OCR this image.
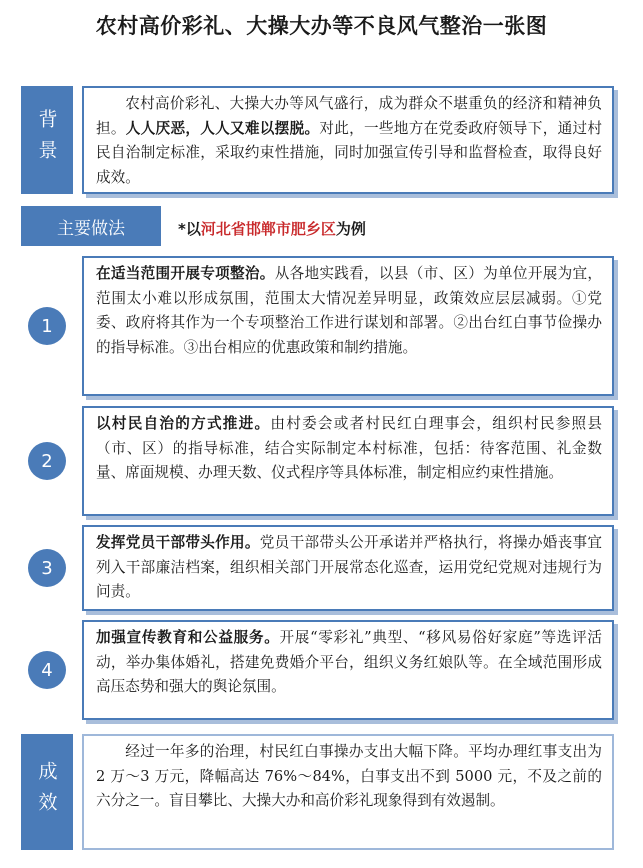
农村高价彩礼、大操大办等不良风气整治一张图
背景
农村高价彩礼、大操大办等风气盛行，成为群众不堪重负的经济和精神负担。人人厌恶，人人又难以摆脱。对此，一些地方在党委政府领导下，通过村民自治制定标准，采取约束性措施，同时加强宣传引导和监督检查，取得良好成效。
主要做法	*以河北省邯郸市肥乡区为例
1
在适当范围开展专项整治。从各地实践看，以县（市、区）为单位开展为宜，范围太小难以形成氛围，范围太大情况差异明显，政策效应层层减弱。①党委、政府将其作为一个专项整治工作进行谋划和部署。②出台红白事节俭操办的指导标准。③出台相应的优惠政策和制约措施。
2
以村民自治的方式推进。由村委会或者村民红白理事会，组织村民参照县（市、区）的指导标准，结合实际制定本村标准，包括：待客范围、礼金数量、席面规模、办理天数、仪式程序等具体标准，制定相应约束性措施。
3
发挥党员干部带头作用。党员干部带头公开承诺并严格执行，将操办婚丧事宜列入干部廉洁档案，组织相关部门开展常态化巡查，运用党纪党规对违规行为问责。
4
加强宣传教育和公益服务。开展“零彩礼”典型、“移风易俗好家庭”等选评活动，举办集体婚礼，搭建免费婚介平台，组织义务红娘队等。在全域范围形成高压态势和强大的舆论氛围。
成效
经过一年多的治理，村民红白事操办支出大幅下降。平均办理红事支出为 2 万～3 万元，降幅高达 76%～84%，白事支出不到 5000 元，不及之前的六分之一。盲目攀比、大操大办和高价彩礼现象得到有效遏制。
